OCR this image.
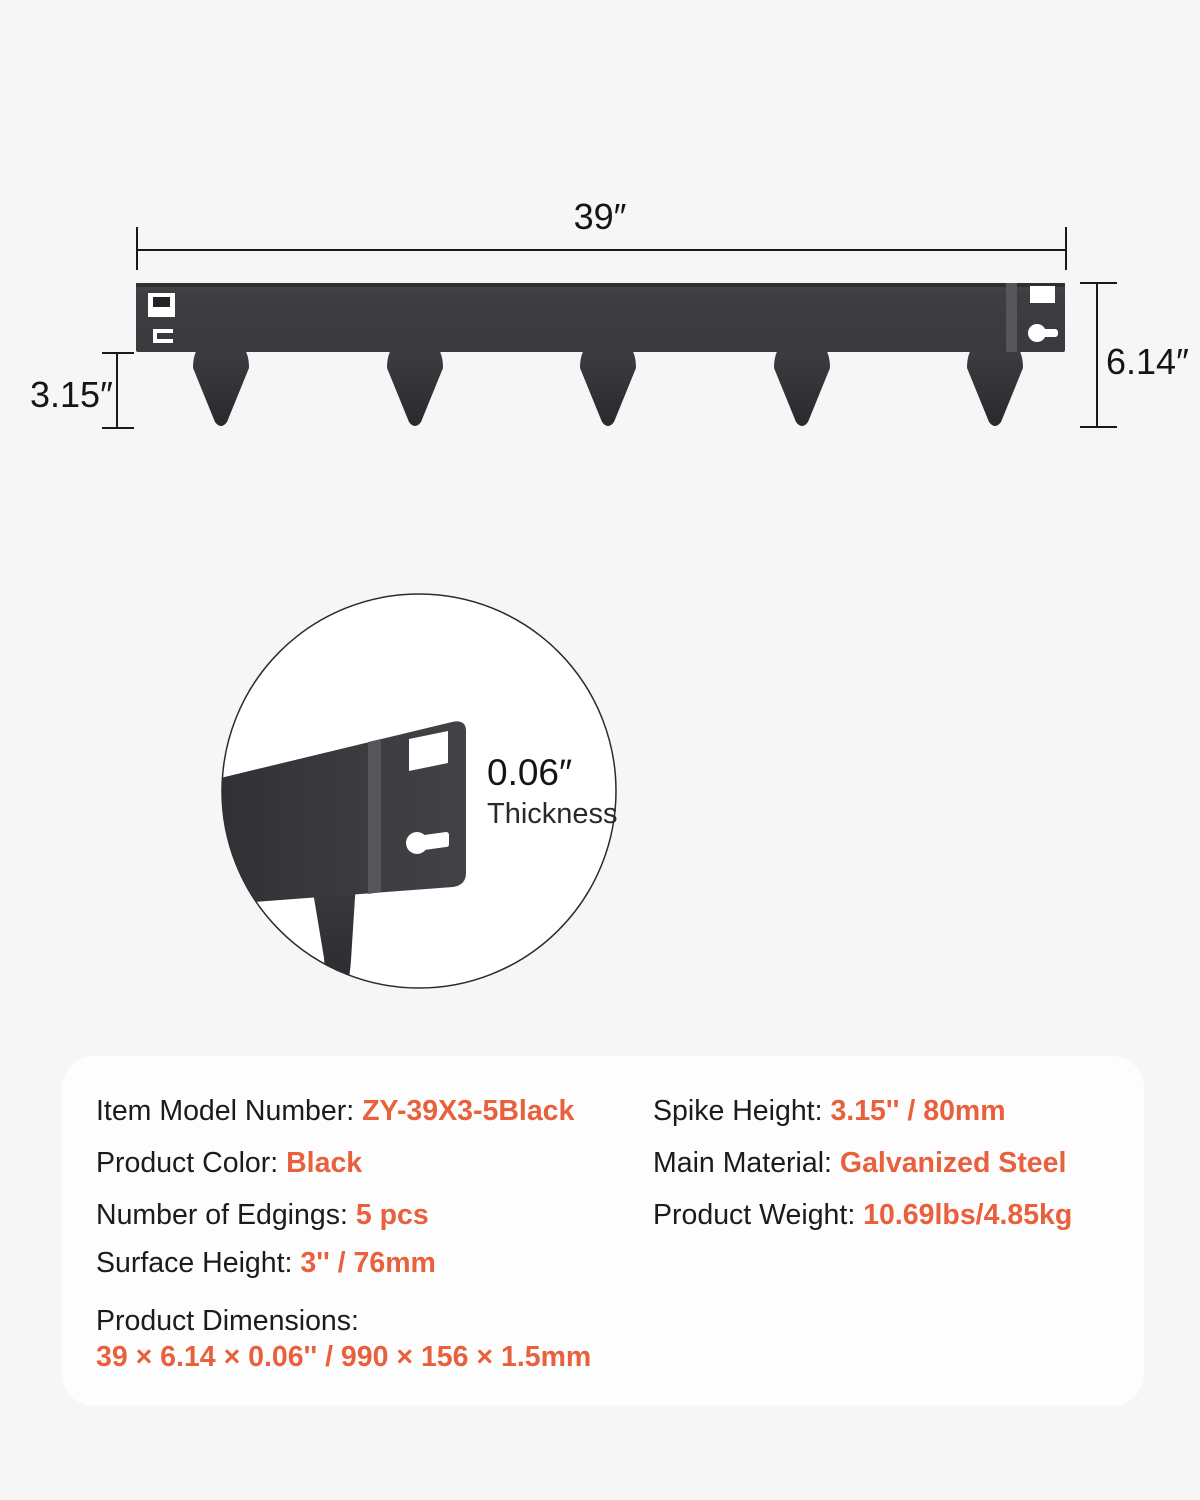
39″
3.15″
6.14″
0.06″
Thickness
Item Model Number: ZY-39X3-5Black
Product Color: Black
Number of Edgings: 5 pcs
Surface Height: 3'' / 76mm
Product Dimensions:
39 × 6.14 × 0.06'' / 990 × 156 × 1.5mm
Spike Height: 3.15'' / 80mm
Main Material: Galvanized Steel
Product Weight: 10.69lbs/4.85kg
